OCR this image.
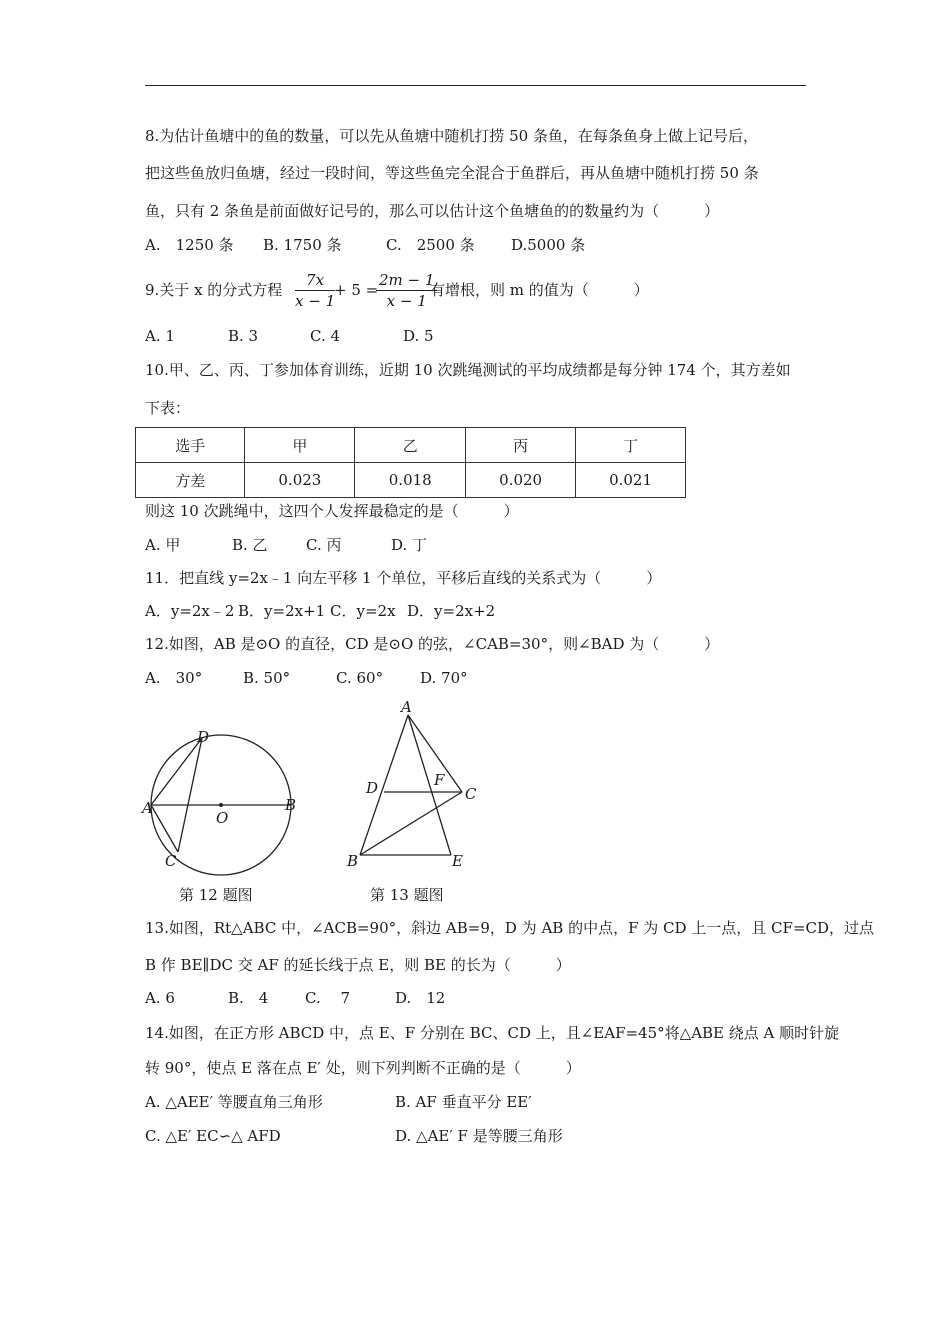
8.为估计鱼塘中的鱼的数量，可以先从鱼塘中随机打捞 50 条鱼，在每条鱼身上做上记号后，
把这些鱼放归鱼塘，经过一段时间，等这些鱼完全混合于鱼群后，再从鱼塘中随机打捞 50 条
鱼，只有 2 条鱼是前面做好记号的，那么可以估计这个鱼塘鱼的的数量约为（　　　）
A.　1250 条 B. 1750 条	C.　2500 条 D.5000 条
9.关于 x 的分式方程 $\frac{7x}{x - 1}$
+ 5 =
$\frac{2m - 1}{x - 1}$
有增根，则 m 的值为（　　　）
A. 1	B. 3	C. 4	D. 5
10.甲、乙、丙、丁参加体育训练，近期 10 次跳绳测试的平均成绩都是每分钟 174 个，其方差如
下表：
选手	甲	乙	丙	丁
方差	0.023	0.018	0.020	0.021
则这 10 次跳绳中，这四个人发挥最稳定的是（　　　）
A. 甲	B. 乙	C. 丙	D. 丁
11．把直线 y=2x﹣1 向左平移 1 个单位，平移后直线的关系式为（　　　）
A．y=2x﹣2 B．y=2x+1 C．y=2x D．y=2x+2
12.如图，AB 是⊙O 的直径，CD 是⊙O 的弦，∠CAB=30°，则∠BAD 为（　　　）
A.　30°	B. 50°	C. 60° D. 70°
D
A
O
B
C
第 12 题图
A
D	F
C
B	E
第 13 题图
13.如图，Rt△ABC 中，∠ACB=90°，斜边 AB=9，D 为 AB 的中点，F 为 CD 上一点，且 CF=CD，过点
B 作 BE∥DC 交 AF 的延长线于点 E，则 BE 的长为（　　　）
A. 6	B.　4 C.　 7	D.　12
14.如图，在正方形 ABCD 中，点 E、F 分别在 BC、CD 上，且∠EAF=45°将△ABE 绕点 A 顺时针旋
转 90°，使点 E 落在点 E′ 处，则下列判断不正确的是（　　　）
A. △AEE′ 等腰直角三角形	B. AF 垂直平分 EE′
C. △E′ EC∽△ AFD	D. △AE′ F 是等腰三角形
